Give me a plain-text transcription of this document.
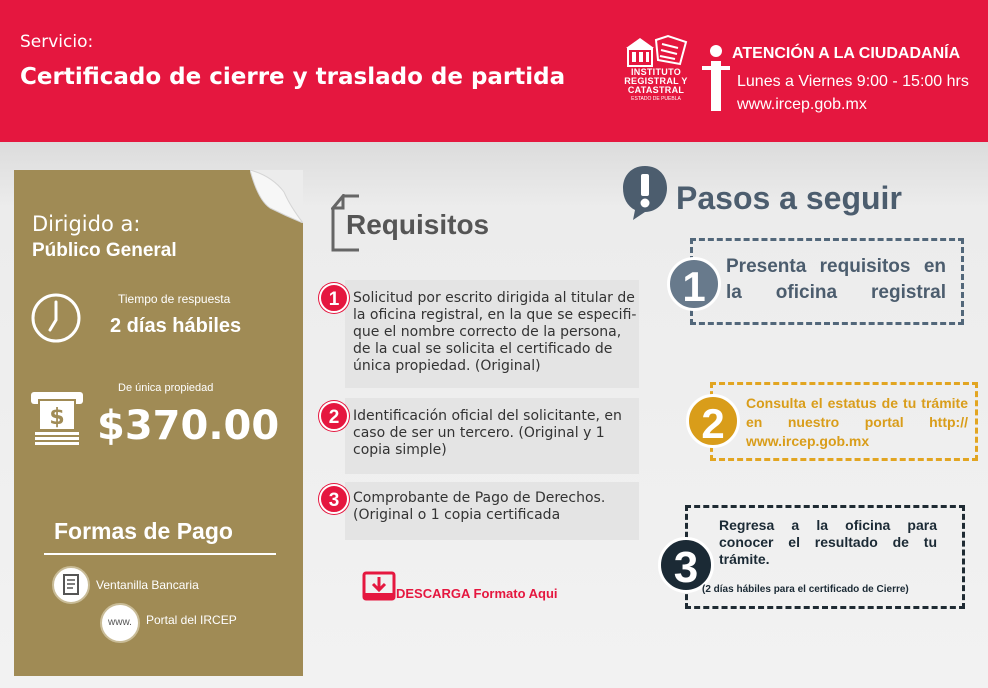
Servicio:
Certificado de cierre y traslado de partida	INSTITUTO
REGISTRAL Y
CATASTRAL
ESTADO DE PUEBLA
ATENCIÓN A LA CIUDADANÍA
Lunes a Viernes 9:00 - 15:00 hrs
www.ircep.gob.mx
Dirigido a:
Público General
Tiempo de respuesta
2 días hábiles
$
De única propiedad
$370.00
Formas de Pago
Ventanilla Bancaria
www.	Portal del IRCEP
Requisitos
1 Solicitud por escrito dirigida al titular de la oficina registral, en la que se especifi-que el nombre correcto de la persona, de la cual se solicita el certificado de única propiedad. (Original)
2 Identificación oficial del solicitante, en caso de ser un tercero. (Original y 1 copia simple)
3 Comprobante de Pago de Derechos. (Original o 1 copia certificada
DESCARGA Formato Aqui
Pasos a seguir
1	Presenta requisitos en la oficina registral
2	Consulta el estatus de tu trámite en nuestro portal http:// www.ircep.gob.mx
3
Regresa a la oficina para conocer el resultado de tu trámite.
(2 días hábiles para el certificado de Cierre)
